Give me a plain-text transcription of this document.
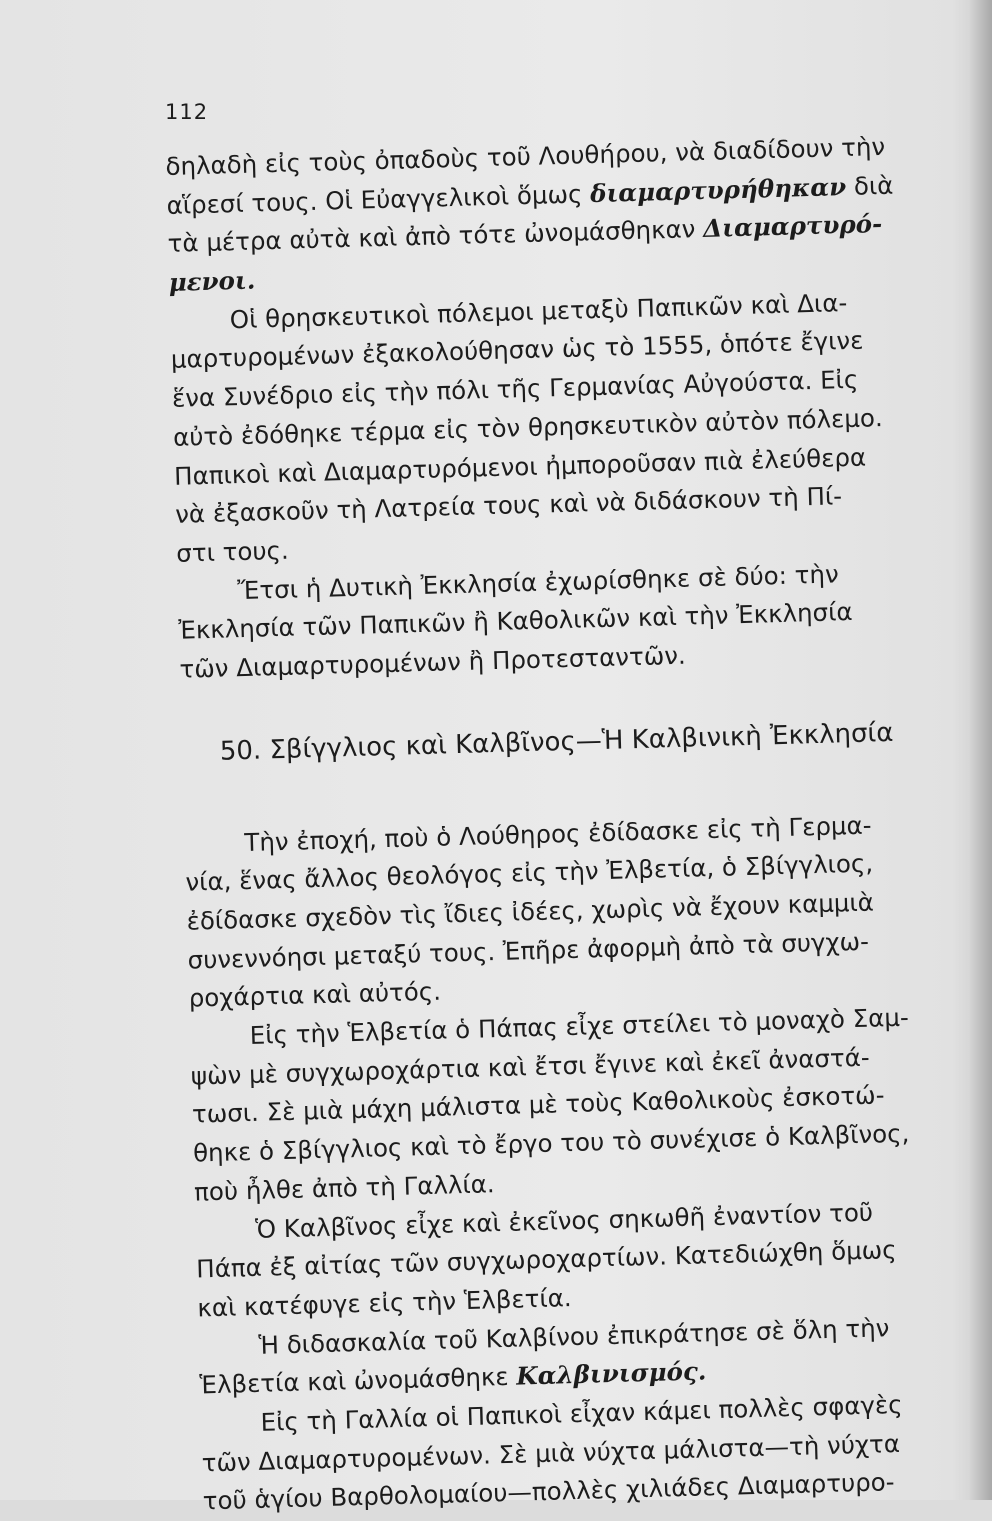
112
δηλαδὴ εἰς τοὺς ὀπαδοὺς τοῦ Λουθήρου, νὰ διαδίδουν τὴν
αἵρεσί τους. Οἱ Εὐαγγελικοὶ ὅμως διαμαρτυρήθηκαν διὰ
τὰ μέτρα αὐτὰ καὶ ἀπὸ τότε ὠνομάσθηκαν Διαμαρτυρό-
μενοι.
Οἱ θρησκευτικοὶ πόλεμοι μεταξὺ Παπικῶν καὶ Δια-
μαρτυρομένων ἐξακολούθησαν ὡς τὸ 1555, ὁπότε ἔγινε
ἕνα Συνέδριο εἰς τὴν πόλι τῆς Γερμανίας Αὐγούστα. Εἰς
αὐτὸ ἐδόθηκε τέρμα εἰς τὸν θρησκευτικὸν αὐτὸν πόλεμο.
Παπικοὶ καὶ Διαμαρτυρόμενοι ἠμποροῦσαν πιὰ ἐλεύθερα
νὰ ἐξασκοῦν τὴ Λατρεία τους καὶ νὰ διδάσκουν τὴ Πί-
στι τους.
Ἔτσι ἡ Δυτικὴ Ἐκκλησία ἐχωρίσθηκε σὲ δύο: τὴν
Ἐκκλησία τῶν Παπικῶν ἢ Καθολικῶν καὶ τὴν Ἐκκλησία
τῶν Διαμαρτυρομένων ἢ Προτεσταντῶν.
50. Σβίγγλιος καὶ Καλβῖνος—Ἡ Καλβινικὴ Ἐκκλησία
Τὴν ἐποχή, ποὺ ὁ Λούθηρος ἐδίδασκε εἰς τὴ Γερμα-
νία, ἕνας ἄλλος θεολόγος εἰς τὴν Ἐλβετία, ὁ Σβίγγλιος,
ἐδίδασκε σχεδὸν τὶς ἴδιες ἰδέες, χωρὶς νὰ ἔχουν καμμιὰ
συνεννόησι μεταξύ τους. Ἐπῆρε ἀφορμὴ ἀπὸ τὰ συγχω-
ροχάρτια καὶ αὐτός.
Εἰς τὴν Ἑλβετία ὁ Πάπας εἶχε στείλει τὸ μοναχὸ Σαμ-
ψὼν μὲ συγχωροχάρτια καὶ ἔτσι ἔγινε καὶ ἐκεῖ ἀναστά-
τωσι. Σὲ μιὰ μάχη μάλιστα μὲ τοὺς Καθολικοὺς ἐσκοτώ-
θηκε ὁ Σβίγγλιος καὶ τὸ ἔργο του τὸ συνέχισε ὁ Καλβῖνος,
ποὺ ἦλθε ἀπὸ τὴ Γαλλία.
Ὁ Καλβῖνος εἶχε καὶ ἐκεῖνος σηκωθῆ ἐναντίον τοῦ
Πάπα ἐξ αἰτίας τῶν συγχωροχαρτίων. Κατεδιώχθη ὅμως
καὶ κατέφυγε εἰς τὴν Ἑλβετία.
Ἡ διδασκαλία τοῦ Καλβίνου ἐπικράτησε σὲ ὅλη τὴν
Ἑλβετία καὶ ὠνομάσθηκε Καλβινισμός.
Εἰς τὴ Γαλλία οἱ Παπικοὶ εἶχαν κάμει πολλὲς σφαγὲς
τῶν Διαμαρτυρομένων. Σὲ μιὰ νύχτα μάλιστα—τὴ νύχτα
τοῦ ἁγίου Βαρθολομαίου—πολλὲς χιλιάδες Διαμαρτυρο-
